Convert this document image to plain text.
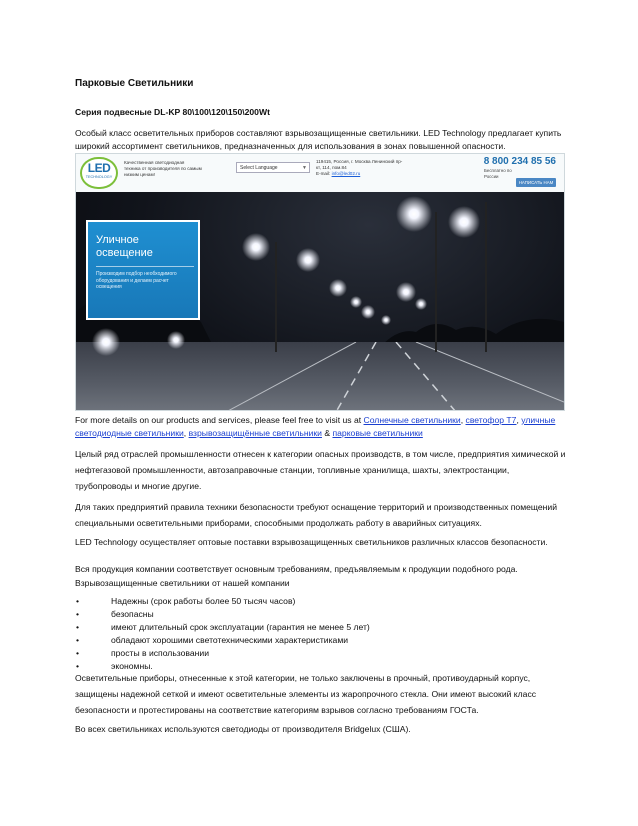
Парковые Светильники
Серия подвесные DL-KP 80\100\120\150\200Wt
Особый класс осветительных приборов составляют взрывозащищенные светильники. LED Technology предлагает купить широкий ассортимент светильников, предназначенных для использования в зонах повышенной опасности.
LED
TECHNOLOGY
Качественная светодиодная техника от производителя по самым низким ценам!
Select Language	▼
119415, Россия, г. Москва Ленинский пр-кт, 114, пом.84
E-mail: info@led02.ru
8 800 234 85 56
Бесплатно по России
НАПИСАТЬ НАМ
Уличное
освещение
Производим подбор необходимого оборудования и делаем расчет освещения
For more details on our products and services, please feel free to visit us at Солнечные светильники, светофор Т7, уличные светодиодные светильники, взрывозащищённые светильники & парковые светильники
Целый ряд отраслей промышленности отнесен к категории опасных производств, в том числе, предприятия химической и нефтегазовой промышленности, автозаправочные станции, топливные хранилища, шахты, электростанции, трубопроводы и многие другие.
Для таких предприятий правила техники безопасности требуют оснащение территорий и производственных помещений специальными осветительными приборами, способными продолжать работу в аварийных ситуациях.
LED Technology осуществляет оптовые поставки взрывозащищенных светильников различных классов безопасности.
Вся продукция компании соответствует основным требованиям, предъявляемым к продукции подобного рода. Взрывозащищенные светильники от нашей компании
•	Надежны (срок работы более 50 тысяч часов)
•	безопасны
•	имеют длительный срок эксплуатации (гарантия не менее 5 лет)
•	обладают хорошими светотехническими характеристиками
•	просты в использовании
•	экономны.
Осветительные приборы, отнесенные к этой категории, не только заключены в прочный, противоударный корпус, защищены надежной сеткой и имеют осветительные элементы из жаропрочного стекла. Они имеют высокий класс безопасности и протестированы на соответствие категориям взрывов согласно требованиям ГОСТа.
Во всех светильниках используются светодиоды от производителя Bridgelux (США).
